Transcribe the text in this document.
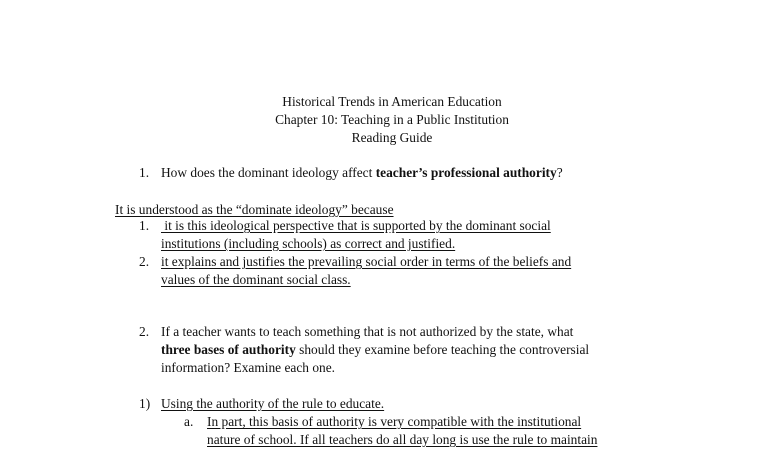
Historical Trends in American Education
Chapter 10: Teaching in a Public Institution
Reading Guide
1. How does the dominant ideology affect teacher’s professional authority?
It is understood as the “dominate ideology” because
1. it is this ideological perspective that is supported by the dominant social
institutions (including schools) as correct and justified.
2. it explains and justifies the prevailing social order in terms of the beliefs and
values of the dominant social class.
2. If a teacher wants to teach something that is not authorized by the state, what
three bases of authority should they examine before teaching the controversial
information? Examine each one.
1) Using the authority of the rule to educate.
a. In part, this basis of authority is very compatible with the institutional
nature of school. If all teachers do all day long is use the rule to maintain
